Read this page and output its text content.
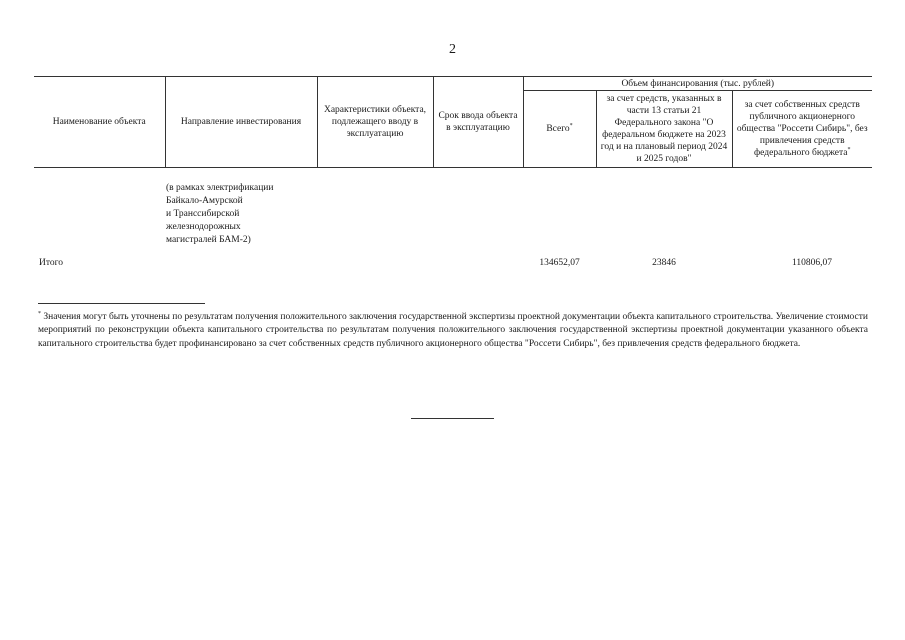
2
Наименование объекта	Направление инвестирования	Характеристики объекта, подлежащего вводу в эксплуатацию	Срок ввода объекта в эксплуатацию	Объем финансирования (тыс. рублей)		
				Всего*	за счет средств, указанных в части 13 статьи 21 Федерального закона "О федеральном бюджете на 2023 год и на плановый период 2024 и 2025 годов"	за счет собственных средств публичного акционерного общества "Россети Сибирь", без привлечения средств федерального бюджета*

	(в рамках электрификации
Байкало-Амурской
и Транссибирской
железнодорожных
магистралей БАМ-2)					

Итого				134652,07	23846	110806,07
* Значения могут быть уточнены по результатам получения положительного заключения государственной экспертизы проектной документации объекта капитального строительства. Увеличение стоимости мероприятий по реконструкции объекта капитального строительства по результатам получения положительного заключения государственной экспертизы проектной документации указанного объекта капитального строительства будет профинансировано за счет собственных средств публичного акционерного общества "Россети Сибирь", без привлечения средств федерального бюджета.
